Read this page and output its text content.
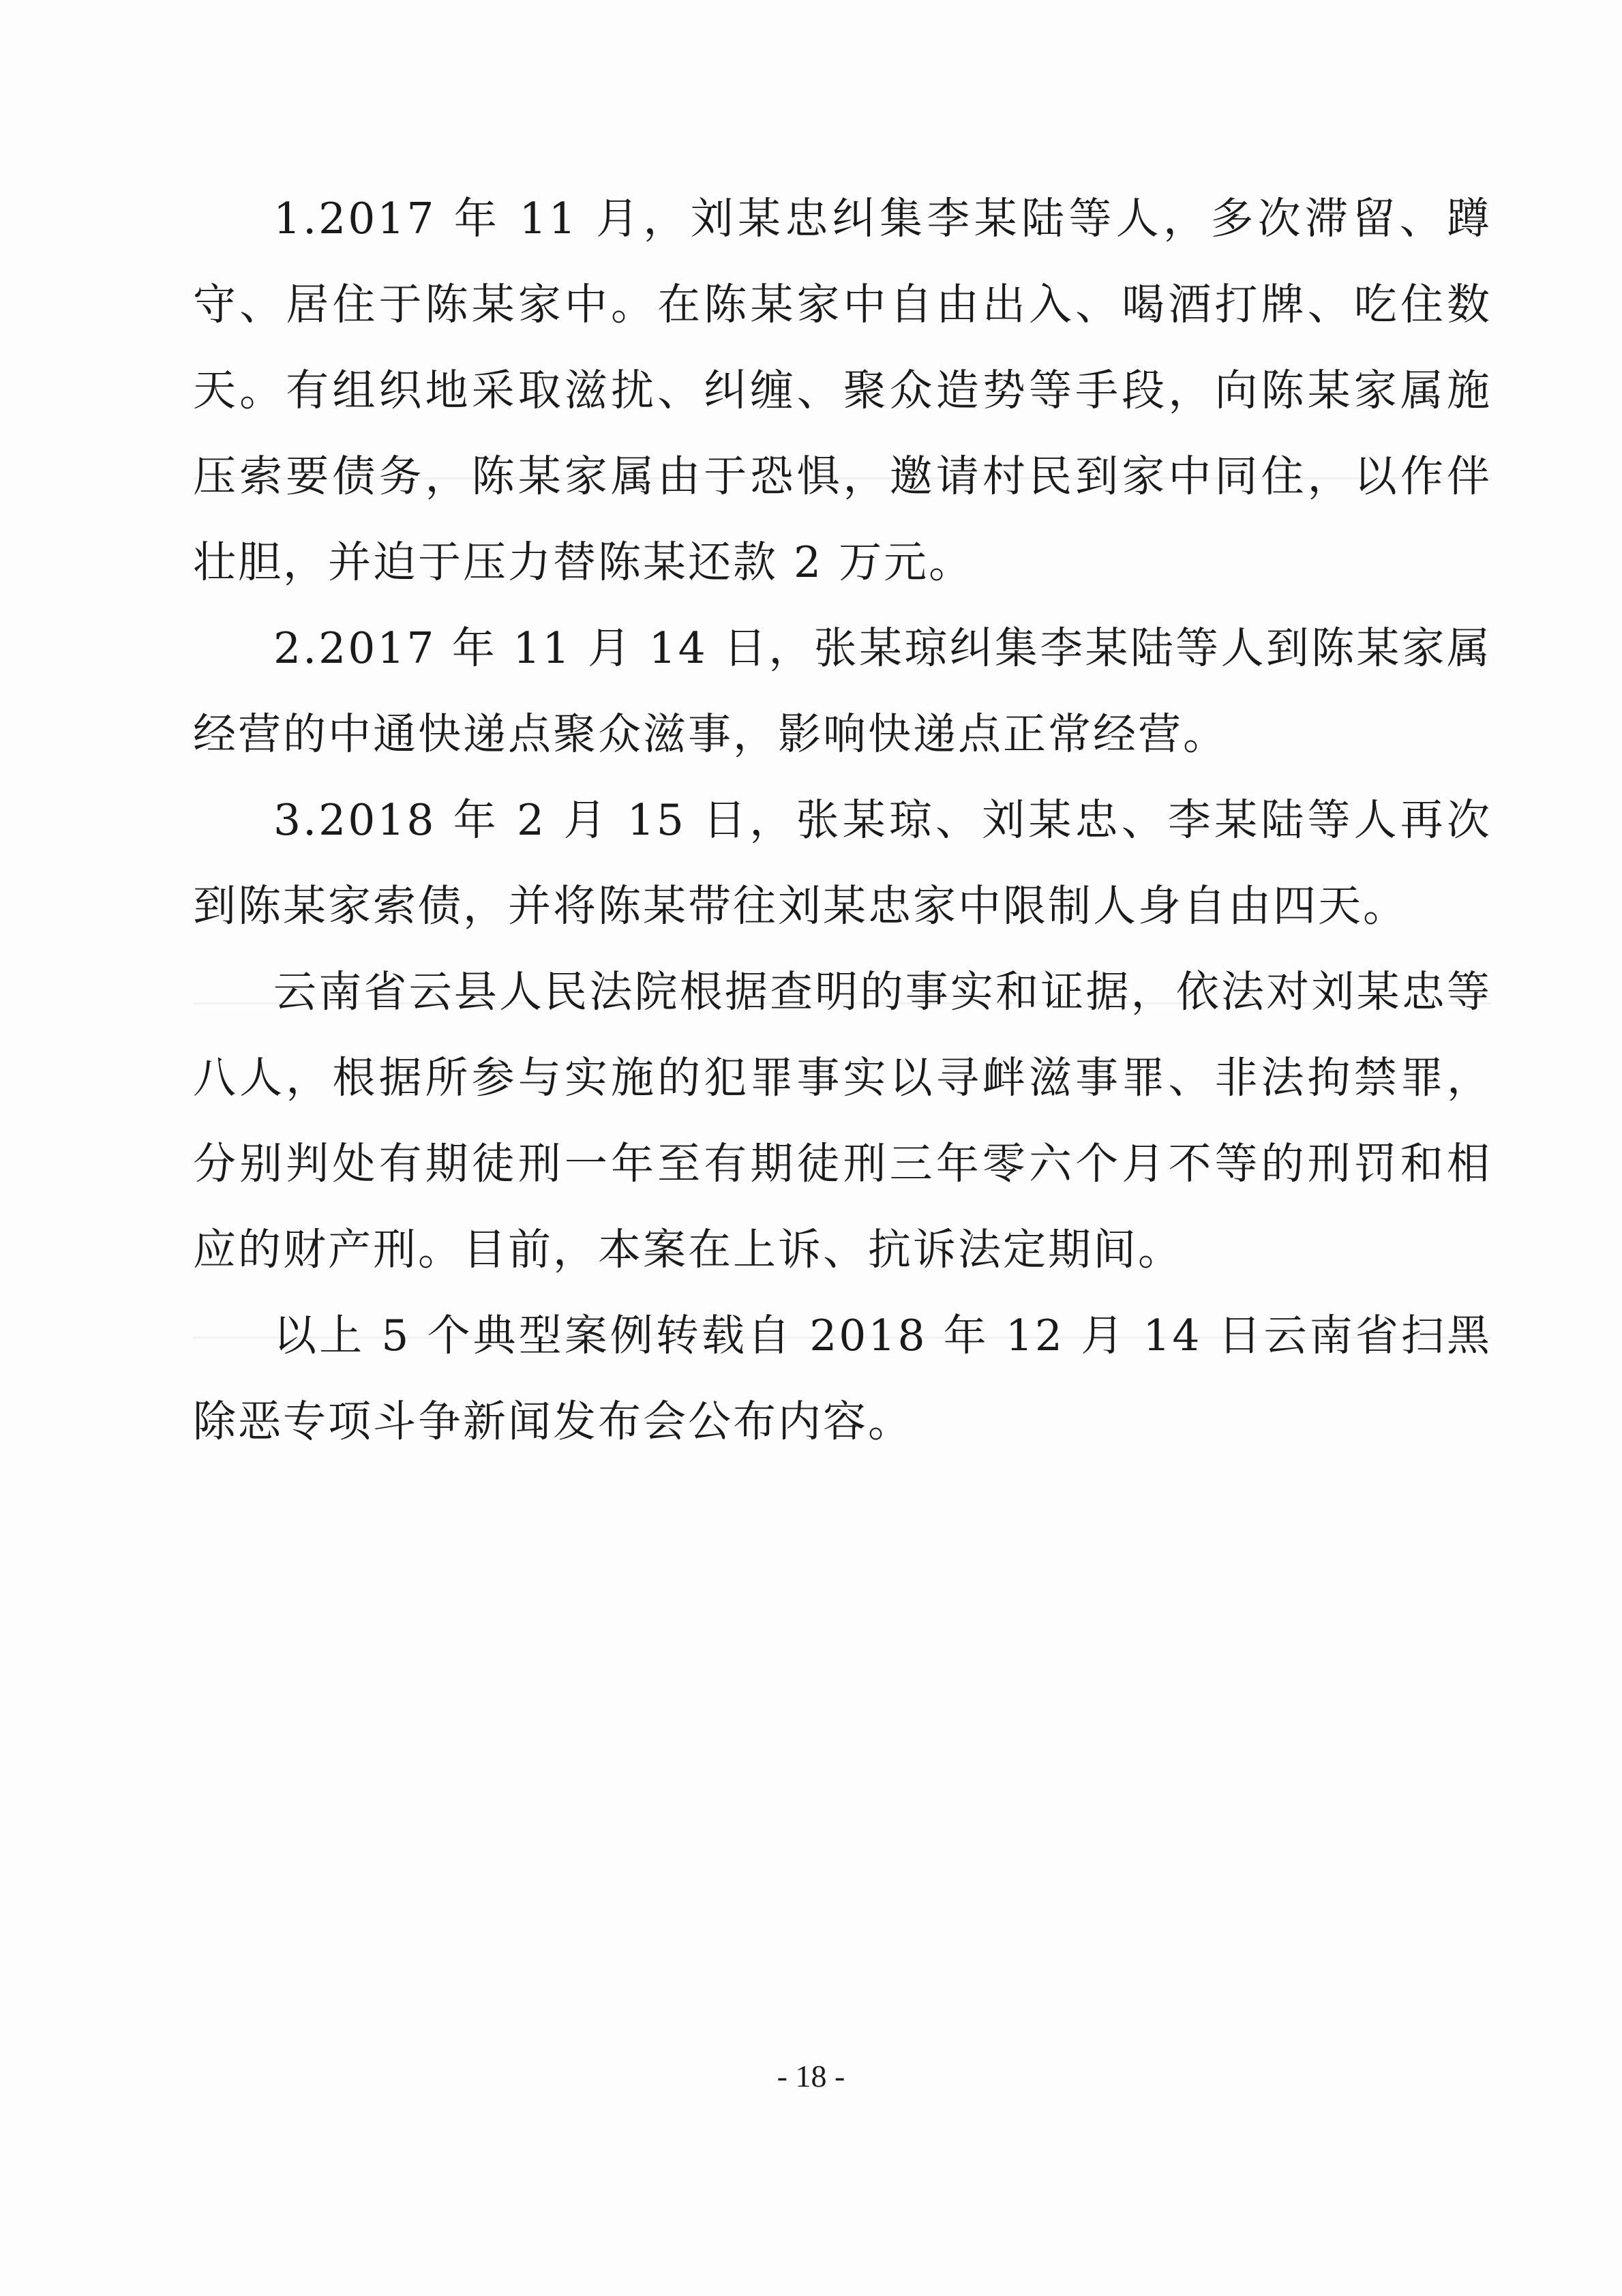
1.2017 年 11 月，刘某忠纠集李某陆等人，多次滞留、蹲守、居住于陈某家中。在陈某家中自由出入、喝酒打牌、吃住数天。有组织地采取滋扰、纠缠、聚众造势等手段，向陈某家属施压索要债务，陈某家属由于恐惧，邀请村民到家中同住，以作伴壮胆，并迫于压力替陈某还款 2 万元。

2.2017 年 11 月 14 日，张某琼纠集李某陆等人到陈某家属经营的中通快递点聚众滋事，影响快递点正常经营。

3.2018 年 2 月 15 日，张某琼、刘某忠、李某陆等人再次到陈某家索债，并将陈某带往刘某忠家中限制人身自由四天。

云南省云县人民法院根据查明的事实和证据，依法对刘某忠等八人，根据所参与实施的犯罪事实以寻衅滋事罪、非法拘禁罪，分别判处有期徒刑一年至有期徒刑三年零六个月不等的刑罚和相应的财产刑。目前，本案在上诉、抗诉法定期间。

以上 5 个典型案例转载自 2018 年 12 月 14 日云南省扫黑除恶专项斗争新闻发布会公布内容。

- 18 -
